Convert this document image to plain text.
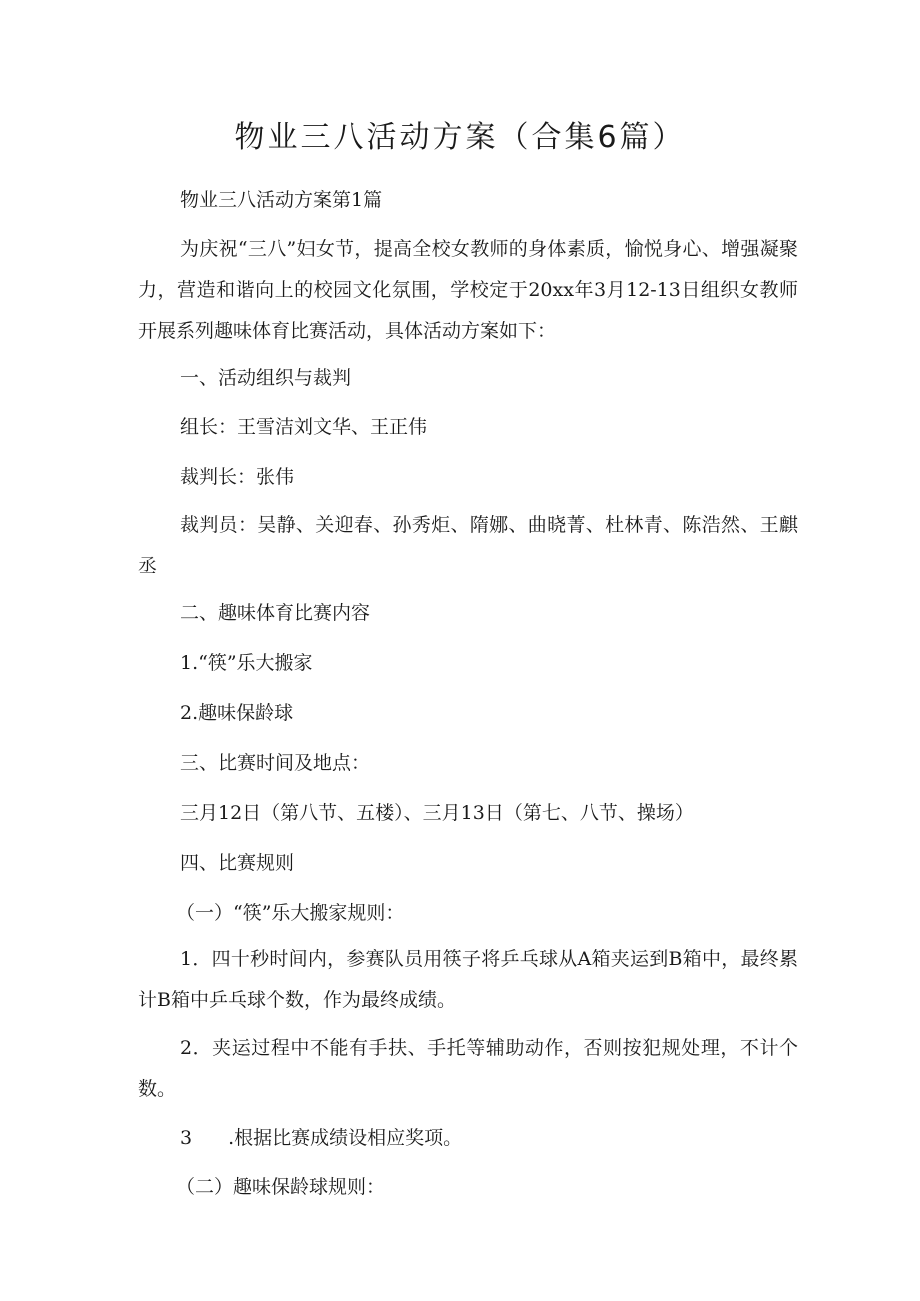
物业三八活动方案（合集6篇）

物业三八活动方案第1篇

为庆祝“三八”妇女节，提高全校女教师的身体素质，愉悦身心、增强凝聚力，营造和谐向上的校园文化氛围，学校定于20xx年3月12-13日组织女教师开展系列趣味体育比赛活动，具体活动方案如下：

一、活动组织与裁判

组长：王雪洁刘文华、王正伟

裁判长：张伟

裁判员：吴静、关迎春、孙秀炬、隋娜、曲晓菁、杜林青、陈浩然、王麒丞

二、趣味体育比赛内容

1.“筷”乐大搬家

2.趣味保龄球

三、比赛时间及地点：

三月12日（第八节、五楼）、三月13日（第七、八节、操场）

四、比赛规则

（一）“筷”乐大搬家规则：

1．四十秒时间内，参赛队员用筷子将乒乓球从A箱夹运到B箱中，最终累计B箱中乒乓球个数，作为最终成绩。

2．夹运过程中不能有手扶、手托等辅助动作，否则按犯规处理，不计个数。

3 .根据比赛成绩设相应奖项。

（二）趣味保龄球规则：
